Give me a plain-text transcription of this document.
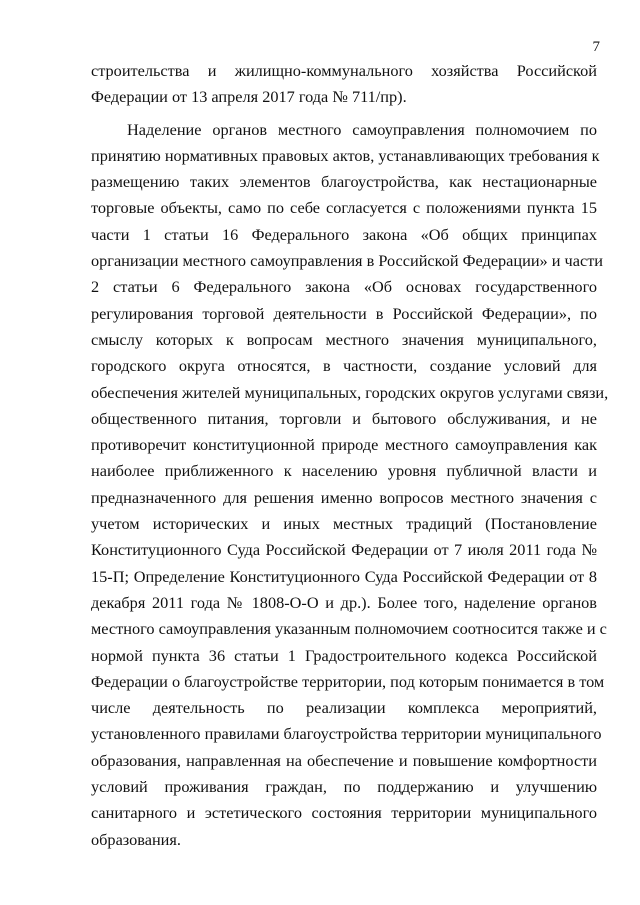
7
строительства и жилищно-коммунального хозяйства Российской
Федерации от 13 апреля 2017 года № 711/пр).
Наделение органов местного самоуправления полномочием по
принятию нормативных правовых актов, устанавливающих требования к
размещению таких элементов благоустройства, как нестационарные
торговые объекты, само по себе согласуется с положениями пункта 15
части 1 статьи 16 Федерального закона «Об общих принципах
организации местного самоуправления в Российской Федерации» и части
2 статьи 6 Федерального закона «Об основах государственного
регулирования торговой деятельности в Российской Федерации», по
смыслу которых к вопросам местного значения муниципального,
городского округа относятся, в частности, создание условий для
обеспечения жителей муниципальных, городских округов услугами связи,
общественного питания, торговли и бытового обслуживания, и не
противоречит конституционной природе местного самоуправления как
наиболее приближенного к населению уровня публичной власти и
предназначенного для решения именно вопросов местного значения с
учетом исторических и иных местных традиций (Постановление
Конституционного Суда Российской Федерации от 7 июля 2011 года №
15-П; Определение Конституционного Суда Российской Федерации от 8
декабря 2011 года № 1808-О-О и др.). Более того, наделение органов
местного самоуправления указанным полномочием соотносится также и с
нормой пункта 36 статьи 1 Градостроительного кодекса Российской
Федерации о благоустройстве территории, под которым понимается в том
числе деятельность по реализации комплекса мероприятий,
установленного правилами благоустройства территории муниципального
образования, направленная на обеспечение и повышение комфортности
условий проживания граждан, по поддержанию и улучшению
санитарного и эстетического состояния территории муниципального
образования.
